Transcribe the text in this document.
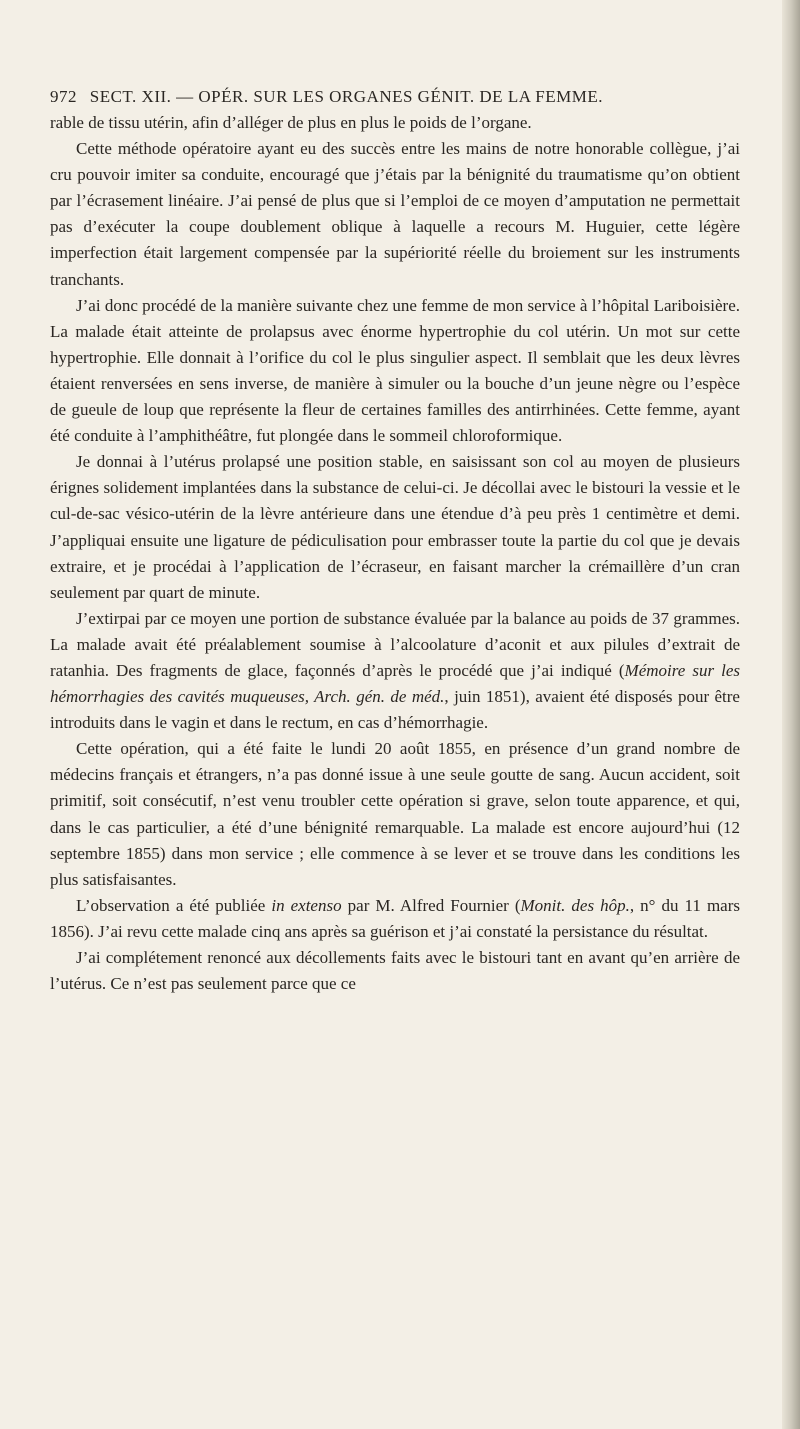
972 SECT. XII. — OPÉR. SUR LES ORGANES GÉNIT. DE LA FEMME.

rable de tissu utérin, afin d’alléger de plus en plus le poids de l’organe.

Cette méthode opératoire ayant eu des succès entre les mains de notre honorable collègue, j’ai cru pouvoir imiter sa conduite, encouragé que j’étais par la bénignité du traumatisme qu’on obtient par l’écrasement linéaire. J’ai pensé de plus que si l’emploi de ce moyen d’amputation ne permettait pas d’exécuter la coupe doublement oblique à laquelle a recours M. Huguier, cette légère imperfection était largement compensée par la supériorité réelle du broiement sur les instruments tranchants.

J’ai donc procédé de la manière suivante chez une femme de mon service à l’hôpital Lariboisière. La malade était atteinte de prolapsus avec énorme hypertrophie du col utérin. Un mot sur cette hypertrophie. Elle donnait à l’orifice du col le plus singulier aspect. Il semblait que les deux lèvres étaient renversées en sens inverse, de manière à simuler ou la bouche d’un jeune nègre ou l’espèce de gueule de loup que représente la fleur de certaines familles des antirrhinées. Cette femme, ayant été conduite à l’amphithéâtre, fut plongée dans le sommeil chloroformique.

Je donnai à l’utérus prolapsé une position stable, en saisissant son col au moyen de plusieurs érignes solidement implantées dans la substance de celui-ci. Je décollai avec le bistouri la vessie et le cul-de-sac vésico-utérin de la lèvre antérieure dans une étendue d’à peu près 1 centimètre et demi. J’appliquai ensuite une ligature de pédiculisation pour embrasser toute la partie du col que je devais extraire, et je procédai à l’application de l’écraseur, en faisant marcher la crémaillère d’un cran seulement par quart de minute.

J’extirpai par ce moyen une portion de substance évaluée par la balance au poids de 37 grammes. La malade avait été préalablement soumise à l’alcoolature d’aconit et aux pilules d’extrait de ratanhia. Des fragments de glace, façonnés d’après le procédé que j’ai indiqué (Mémoire sur les hémorrhagies des cavités muqueuses, Arch. gén. de méd., juin 1851), avaient été disposés pour être introduits dans le vagin et dans le rectum, en cas d’hémorrhagie.

Cette opération, qui a été faite le lundi 20 août 1855, en présence d’un grand nombre de médecins français et étrangers, n’a pas donné issue à une seule goutte de sang. Aucun accident, soit primitif, soit consécutif, n’est venu troubler cette opération si grave, selon toute apparence, et qui, dans le cas particulier, a été d’une bénignité remarquable. La malade est encore aujourd’hui (12 septembre 1855) dans mon service ; elle commence à se lever et se trouve dans les conditions les plus satisfaisantes.

L’observation a été publiée in extenso par M. Alfred Fournier (Monit. des hôp., n° du 11 mars 1856). J’ai revu cette malade cinq ans après sa guérison et j’ai constaté la persistance du résultat.

J’ai complétement renoncé aux décollements faits avec le bistouri tant en avant qu’en arrière de l’utérus. Ce n’est pas seulement parce que ce
